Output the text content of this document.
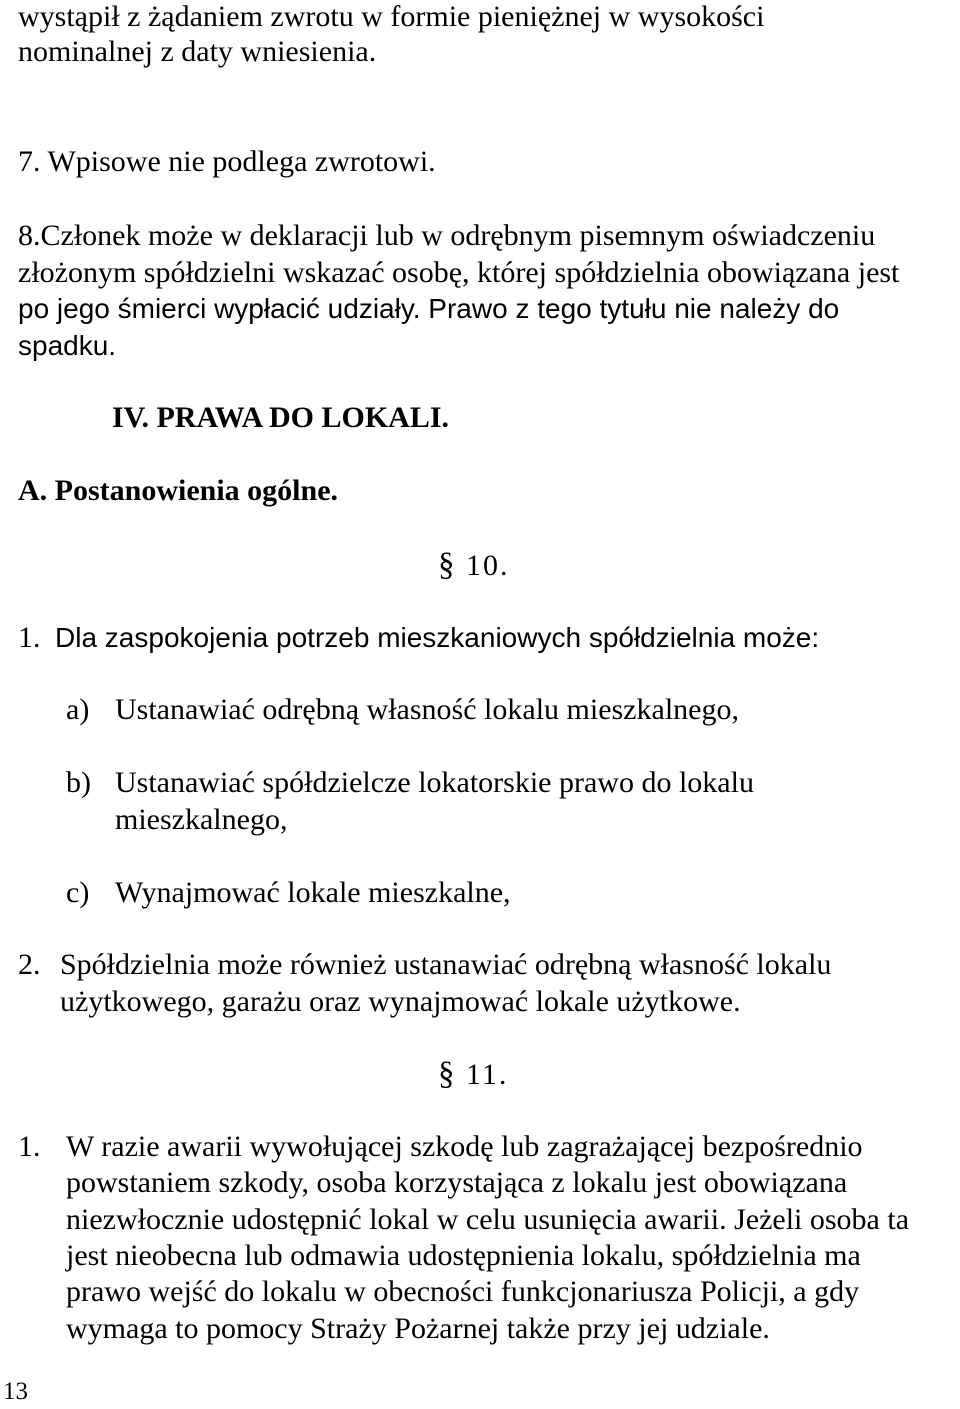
wystąpił z żądaniem zwrotu w formie pieniężnej w wysokości
nominalnej z daty wniesienia.
7. Wpisowe nie podlega zwrotowi.
8.Członek może w deklaracji lub w odrębnym pisemnym oświadczeniu
złożonym spółdzielni wskazać osobę, której spółdzielnia obowiązana jest
po jego śmierci wypłacić udziały. Prawo z tego tytułu nie należy do
spadku.
IV. PRAWA DO LOKALI.
A. Postanowienia ogólne.
§ 10.
1. Dla zaspokojenia potrzeb mieszkaniowych spółdzielnia może:
a) Ustanawiać odrębną własność lokalu mieszkalnego,
b) Ustanawiać spółdzielcze lokatorskie prawo do lokalu
mieszkalnego,
c) Wynajmować lokale mieszkalne,
2. Spółdzielnia może również ustanawiać odrębną własność lokalu
użytkowego, garażu oraz wynajmować lokale użytkowe.
§ 11.
1. W razie awarii wywołującej szkodę lub zagrażającej bezpośrednio
powstaniem szkody, osoba korzystająca z lokalu jest obowiązana
niezwłocznie udostępnić lokal w celu usunięcia awarii. Jeżeli osoba ta
jest nieobecna lub odmawia udostępnienia lokalu, spółdzielnia ma
prawo wejść do lokalu w obecności funkcjonariusza Policji, a gdy
wymaga to pomocy Straży Pożarnej także przy jej udziale.
13
